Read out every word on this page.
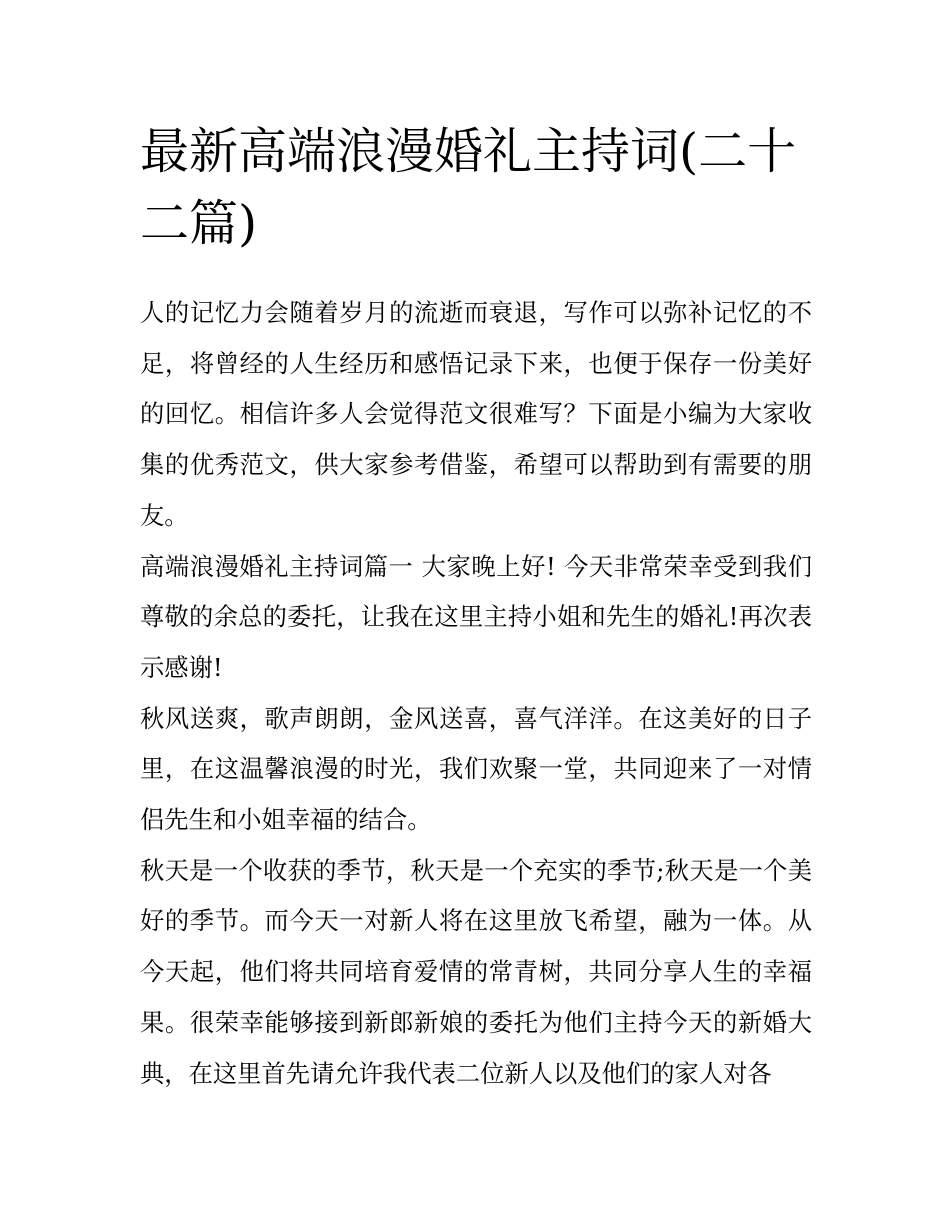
最新高端浪漫婚礼主持词(二十二篇)

人的记忆力会随着岁月的流逝而衰退，写作可以弥补记忆的不足，将曾经的人生经历和感悟记录下来，也便于保存一份美好的回忆。相信许多人会觉得范文很难写？下面是小编为大家收集的优秀范文，供大家参考借鉴，希望可以帮助到有需要的朋友。

高端浪漫婚礼主持词篇一 大家晚上好! 今天非常荣幸受到我们尊敬的余总的委托，让我在这里主持小姐和先生的婚礼!再次表示感谢!

秋风送爽，歌声朗朗，金风送喜，喜气洋洋。在这美好的日子里，在这温馨浪漫的时光，我们欢聚一堂，共同迎来了一对情侣先生和小姐幸福的结合。

秋天是一个收获的季节，秋天是一个充实的季节;秋天是一个美好的季节。而今天一对新人将在这里放飞希望，融为一体。从今天起，他们将共同培育爱情的常青树，共同分享人生的幸福果。很荣幸能够接到新郎新娘的委托为他们主持今天的新婚大典，在这里首先请允许我代表二位新人以及他们的家人对各
